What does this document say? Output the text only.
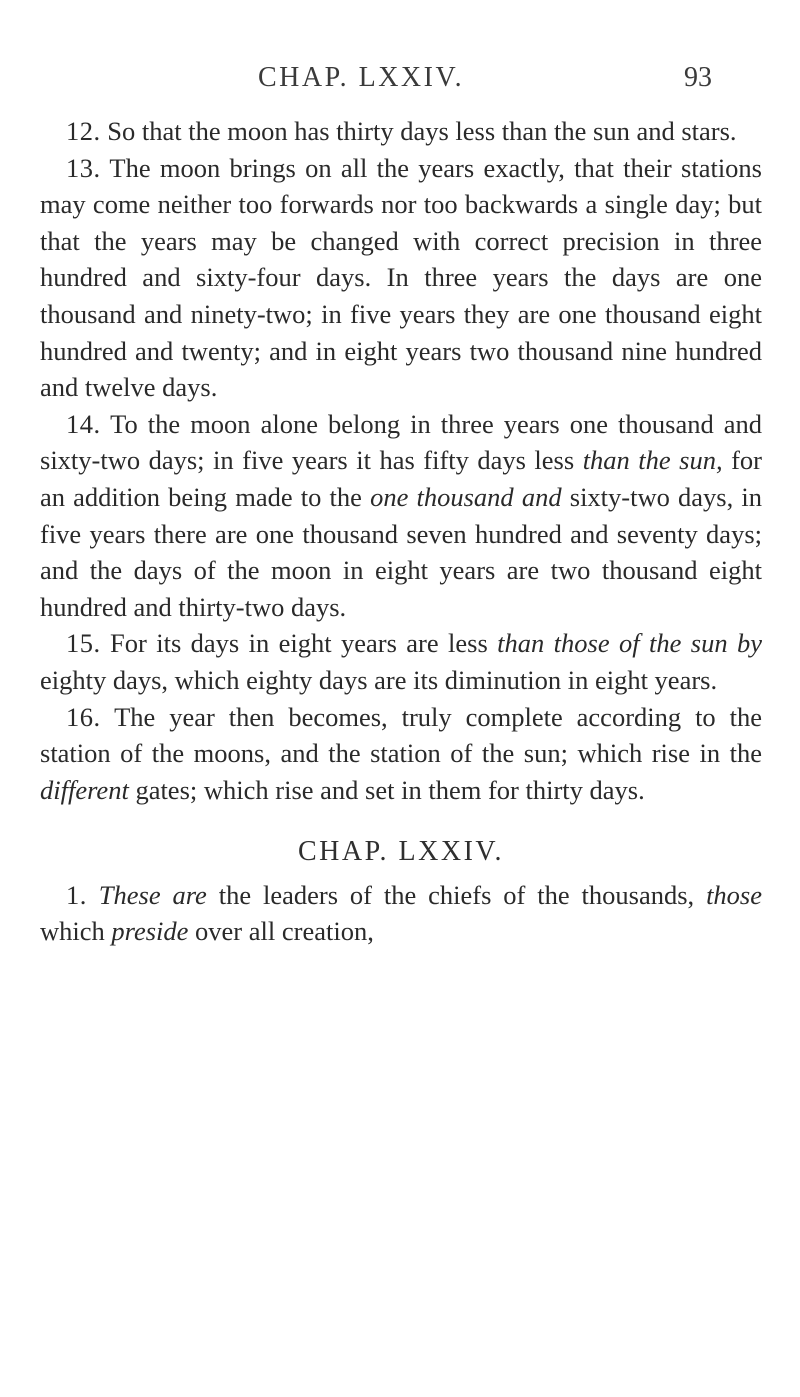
CHAP. LXXIV.	93

12. So that the moon has thirty days less than the sun and stars.

13. The moon brings on all the years exactly, that their stations may come neither too forwards nor too backwards a single day; but that the years may be changed with correct precision in three hundred and sixty-four days. In three years the days are one thousand and ninety-two; in five years they are one thousand eight hundred and twenty; and in eight years two thousand nine hundred and twelve days.

14. To the moon alone belong in three years one thousand and sixty-two days; in five years it has fifty days less than the sun, for an addition being made to the one thousand and sixty-two days, in five years there are one thousand seven hundred and seventy days; and the days of the moon in eight years are two thousand eight hundred and thirty-two days.

15. For its days in eight years are less than those of the sun by eighty days, which eighty days are its diminution in eight years.

16. The year then becomes, truly complete according to the station of the moons, and the station of the sun; which rise in the different gates; which rise and set in them for thirty days.

CHAP. LXXIV.

1. These are the leaders of the chiefs of the thousands, those which preside over all creation,
